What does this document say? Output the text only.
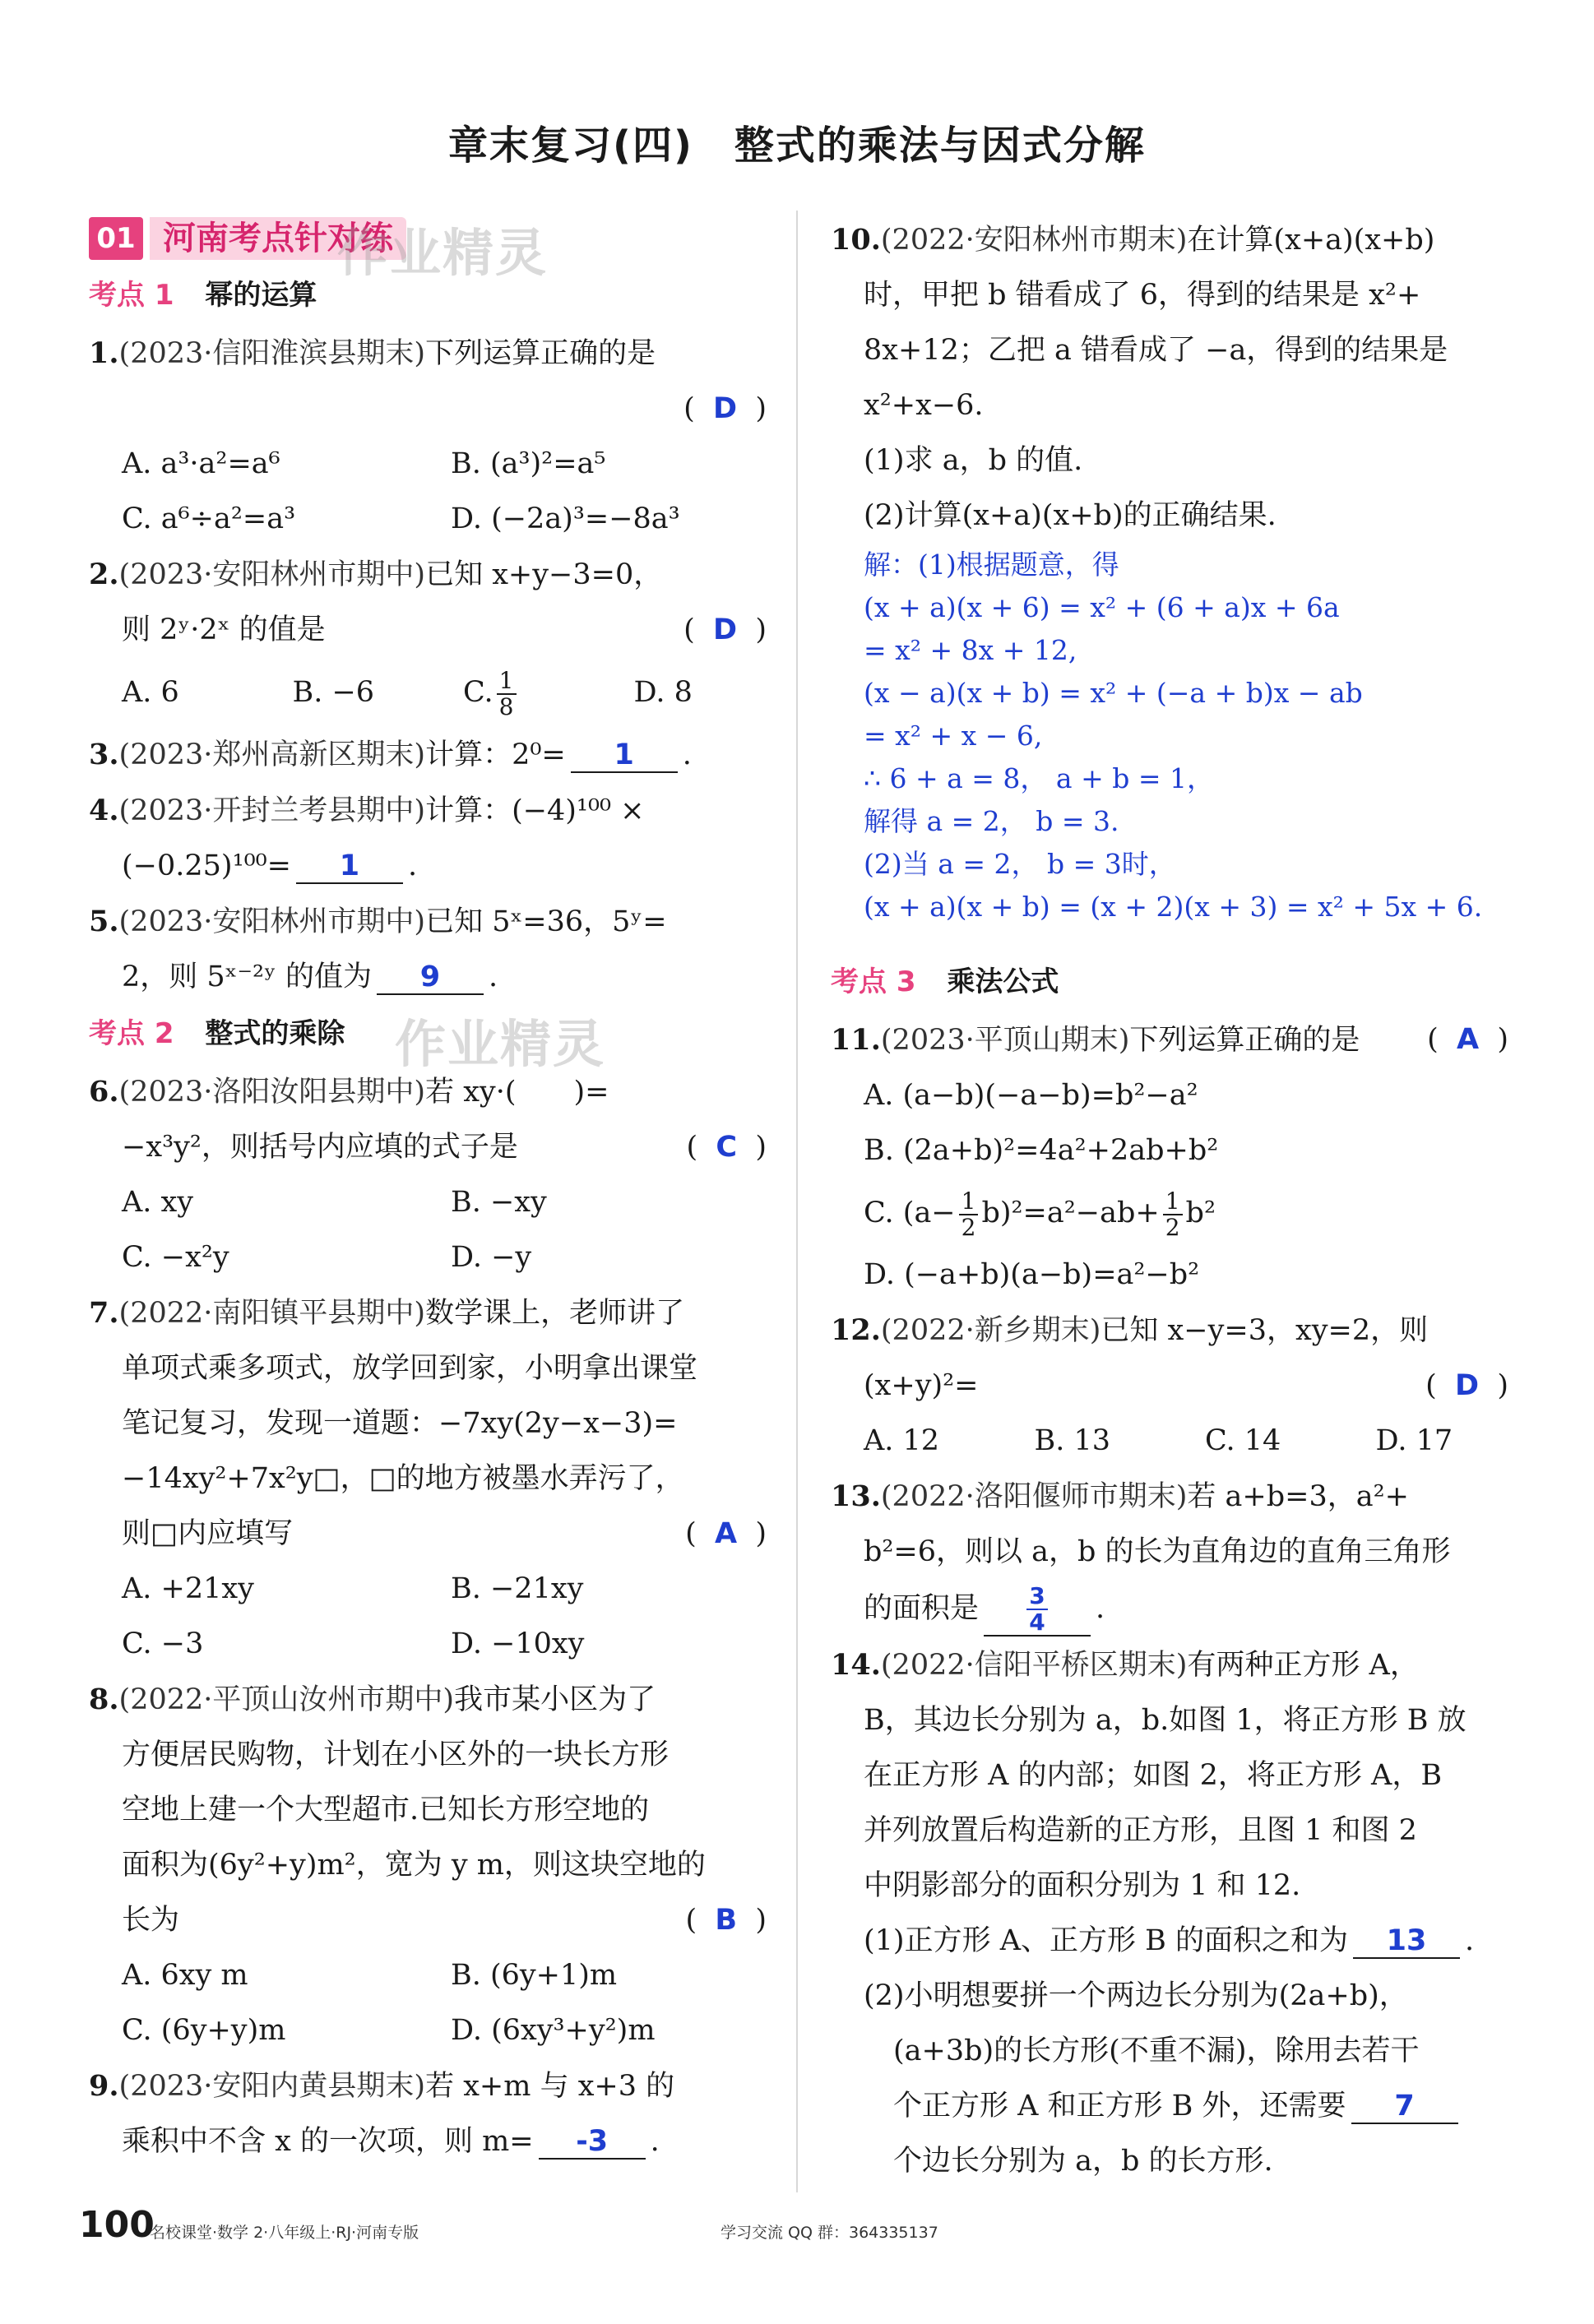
章末复习(四)　整式的乘法与因式分解
01 河南考点针对练
考点 1 幂的运算
1.(2023·信阳淮滨县期末)下列运算正确的是

(  D  )
A. a³·a²=a⁶	B. (a³)²=a⁵
C. a⁶÷a²=a³	D. (−2a)³=−8a³
2.(2023·安阳林州市期中)已知 x+y−3=0，
则 2ʸ·2ˣ 的值是	(  D  )
A. 6	B. −6	C. $\frac{1}{8}$	D. 8
3.(2023·郑州高新区期末)计算：2⁰= 1 .
4.(2023·开封兰考县期中)计算：(−4)¹⁰⁰ ×
(−0.25)¹⁰⁰= 1 .
5.(2023·安阳林州市期中)已知 5ˣ=36，5ʸ=
2，则 5ˣ⁻²ʸ 的值为 9 .
考点 2 整式的乘除
6.(2023·洛阳汝阳县期中)若 xy·(　　)=
−x³y²，则括号内应填的式子是	(  C  )
A. xy	B. −xy
C. −x²y	D. −y
7.(2022·南阳镇平县期中)数学课上，老师讲了
单项式乘多项式，放学回到家，小明拿出课堂
笔记复习，发现一道题：−7xy(2y−x−3)=
−14xy²+7x²y□，□的地方被墨水弄污了，
则□内应填写	(  A  )
A. +21xy	B. −21xy
C. −3	D. −10xy
8.(2022·平顶山汝州市期中)我市某小区为了
方便居民购物，计划在小区外的一块长方形
空地上建一个大型超市.已知长方形空地的
面积为(6y²+y)m²，宽为 y m，则这块空地的
长为	(  B  )
A. 6xy m	B. (6y+1)m
C. (6y+y)m	D. (6xy³+y²)m
9.(2023·安阳内黄县期末)若 x+m 与 x+3 的
乘积中不含 x 的一次项，则 m= -3 .
10.(2022·安阳林州市期末)在计算(x+a)(x+b)
时，甲把 b 错看成了 6，得到的结果是 x²+
8x+12；乙把 a 错看成了 −a，得到的结果是
x²+x−6.
(1)求 a，b 的值.
(2)计算(x+a)(x+b)的正确结果.
解：(1)根据题意，得
(x + a)(x + 6) = x² + (6 + a)x + 6a
= x² + 8x + 12,
(x − a)(x + b) = x² + (−a + b)x − ab
= x² + x − 6,
∴ 6 + a = 8， a + b = 1，
解得 a = 2， b = 3.
(2)当 a = 2， b = 3时，
(x + a)(x + b) = (x + 2)(x + 3) = x² + 5x + 6.
考点 3 乘法公式
11.(2023·平顶山期末)下列运算正确的是 (  A  )
A. (a−b)(−a−b)=b²−a²
B. (2a+b)²=4a²+2ab+b²
C. $(a- \frac{1}{2} b)^2=a^2-ab+ \frac{1}{2} b^2$
D. (−a+b)(a−b)=a²−b²
12.(2022·新乡期末)已知 x−y=3，xy=2，则
(x+y)²=	(  D  )
A. 12	B. 13	C. 14	D. 17
13.(2022·洛阳偃师市期末)若 a+b=3，a²+
b²=6，则以 a，b 的长为直角边的直角三角形
的面积是 $\frac{3}{4}$ .
14.(2022·信阳平桥区期末)有两种正方形 A，
B，其边长分别为 a，b.如图 1，将正方形 B 放
在正方形 A 的内部；如图 2，将正方形 A，B
并列放置后构造新的正方形，且图 1 和图 2
中阴影部分的面积分别为 1 和 12.
(1)正方形 A、正方形 B 的面积之和为 13 .
(2)小明想要拼一个两边长分别为(2a+b)，
(a+3b)的长方形(不重不漏)，除用去若干
个正方形 A 和正方形 B 外，还需要 7
个边长分别为 a，b 的长方形.
作业精灵
作业精灵
100
名校课堂·数学 2·八年级上·RJ·河南专版	学习交流 QQ 群：364335137
